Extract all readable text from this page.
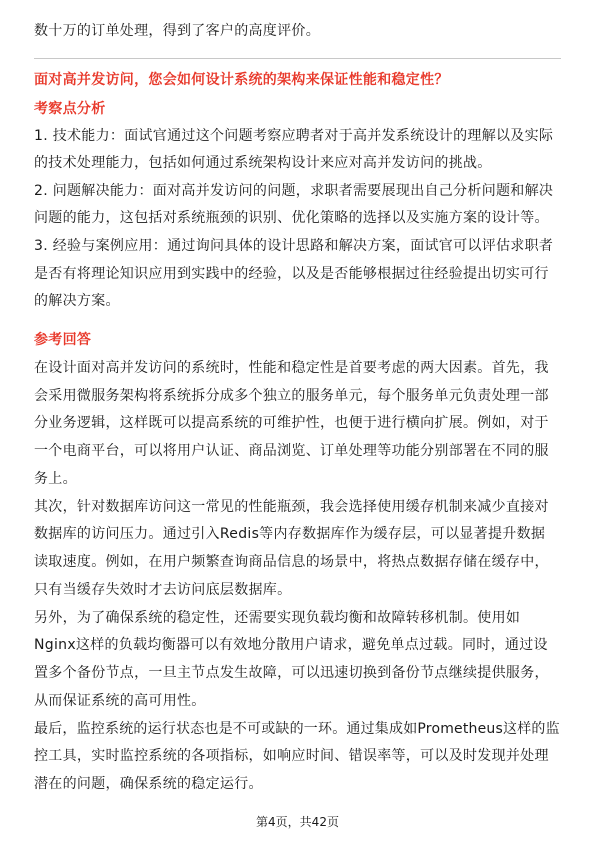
数十万的订单处理，得到了客户的高度评价。
面对高并发访问，您会如何设计系统的架构来保证性能和稳定性？
考察点分析
1. 技术能力：面试官通过这个问题考察应聘者对于高并发系统设计的理解以及实际
的技术处理能力，包括如何通过系统架构设计来应对高并发访问的挑战。
2. 问题解决能力：面对高并发访问的问题，求职者需要展现出自己分析问题和解决
问题的能力，这包括对系统瓶颈的识别、优化策略的选择以及实施方案的设计等。
3. 经验与案例应用：通过询问具体的设计思路和解决方案，面试官可以评估求职者
是否有将理论知识应用到实践中的经验，以及是否能够根据过往经验提出切实可行
的解决方案。
参考回答
在设计面对高并发访问的系统时，性能和稳定性是首要考虑的两大因素。首先，我
会采用微服务架构将系统拆分成多个独立的服务单元，每个服务单元负责处理一部
分业务逻辑，这样既可以提高系统的可维护性，也便于进行横向扩展。例如，对于
一个电商平台，可以将用户认证、商品浏览、订单处理等功能分别部署在不同的服
务上。
其次，针对数据库访问这一常见的性能瓶颈，我会选择使用缓存机制来减少直接对
数据库的访问压力。通过引入Redis等内存数据库作为缓存层，可以显著提升数据
读取速度。例如，在用户频繁查询商品信息的场景中，将热点数据存储在缓存中，
只有当缓存失效时才去访问底层数据库。
另外，为了确保系统的稳定性，还需要实现负载均衡和故障转移机制。使用如
Nginx这样的负载均衡器可以有效地分散用户请求，避免单点过载。同时，通过设
置多个备份节点，一旦主节点发生故障，可以迅速切换到备份节点继续提供服务，
从而保证系统的高可用性。
最后，监控系统的运行状态也是不可或缺的一环。通过集成如Prometheus这样的监
控工具，实时监控系统的各项指标，如响应时间、错误率等，可以及时发现并处理
潜在的问题，确保系统的稳定运行。
第4页，共42页
